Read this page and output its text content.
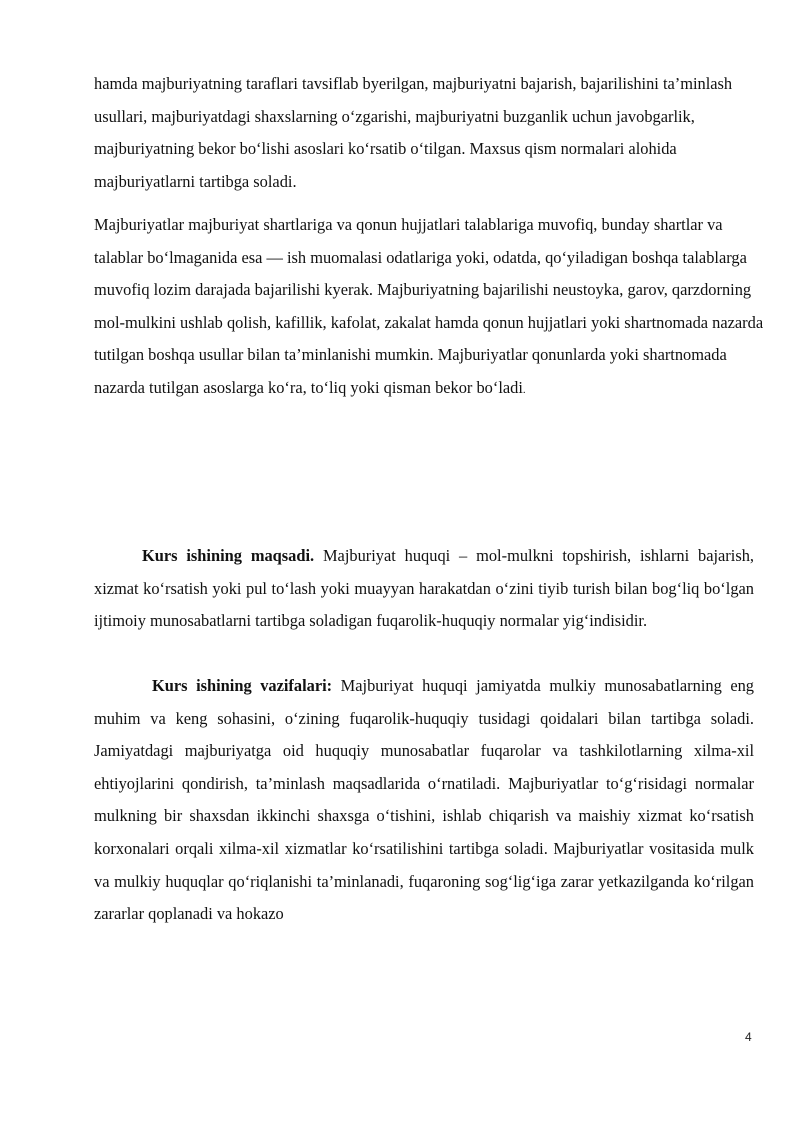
hamda majburiyatning taraflari tavsiflab byerilgan, majburiyatni bajarish, bajarilishini ta’minlash usullari, majburiyatdagi shaxslarning o‘zgarishi, majburiyatni buzganlik uchun javobgarlik, majburiyatning bekor bo‘lishi asoslari ko‘rsatib o‘tilgan. Maxsus qism normalari alohida majburiyatlarni tartibga soladi.

Majburiyatlar majburiyat shartlariga va qonun hujjatlari talablariga muvofiq, bunday shartlar va talablar bo‘lmaganida esa — ish muomalasi odatlariga yoki, odatda, qo‘yiladigan boshqa talablarga muvofiq lozim darajada bajarilishi kyerak. Majburiyatning bajarilishi neustoyka, garov, qarzdorning mol-mulkini ushlab qolish, kafillik, kafolat, zakalat hamda qonun hujjatlari yoki shartnomada nazarda tutilgan boshqa usullar bilan ta’minlanishi mumkin. Majburiyatlar qonunlarda yoki shartnomada nazarda tutilgan asoslarga ko‘ra, to‘liq yoki qisman bekor bo‘ladi.

Kurs ishining maqsadi. Majburiyat huquqi – mol-mulkni topshirish, ishlarni bajarish, xizmat ko‘rsatish yoki pul to‘lash yoki muayyan harakatdan o‘zini tiyib turish bilan bog‘liq bo‘lgan ijtimoiy munosabatlarni tartibga soladigan fuqarolik-huquqiy normalar yig‘indisidir.

Kurs ishining vazifalari: Majburiyat huquqi jamiyatda mulkiy munosabatlarning eng muhim va keng sohasini, o‘zining fuqarolik-huquqiy tusidagi qoidalari bilan tartibga soladi. Jamiyatdagi majburiyatga oid huquqiy munosabatlar fuqarolar va tashkilotlarning xilma-xil ehtiyojlarini qondirish, ta’minlash maqsadlarida o‘rnatiladi. Majburiyatlar to‘g‘risidagi normalar mulkning bir shaxsdan ikkinchi shaxsga o‘tishini, ishlab chiqarish va maishiy xizmat ko‘rsatish korxonalari orqali xilma-xil xizmatlar ko‘rsatilishini tartibga soladi. Majburiyatlar vositasida mulk va mulkiy huquqlar qo‘riqlanishi ta’minlanadi, fuqaroning sog‘lig‘iga zarar yetkazilganda ko‘rilgan zararlar qoplanadi va hokazo

4
